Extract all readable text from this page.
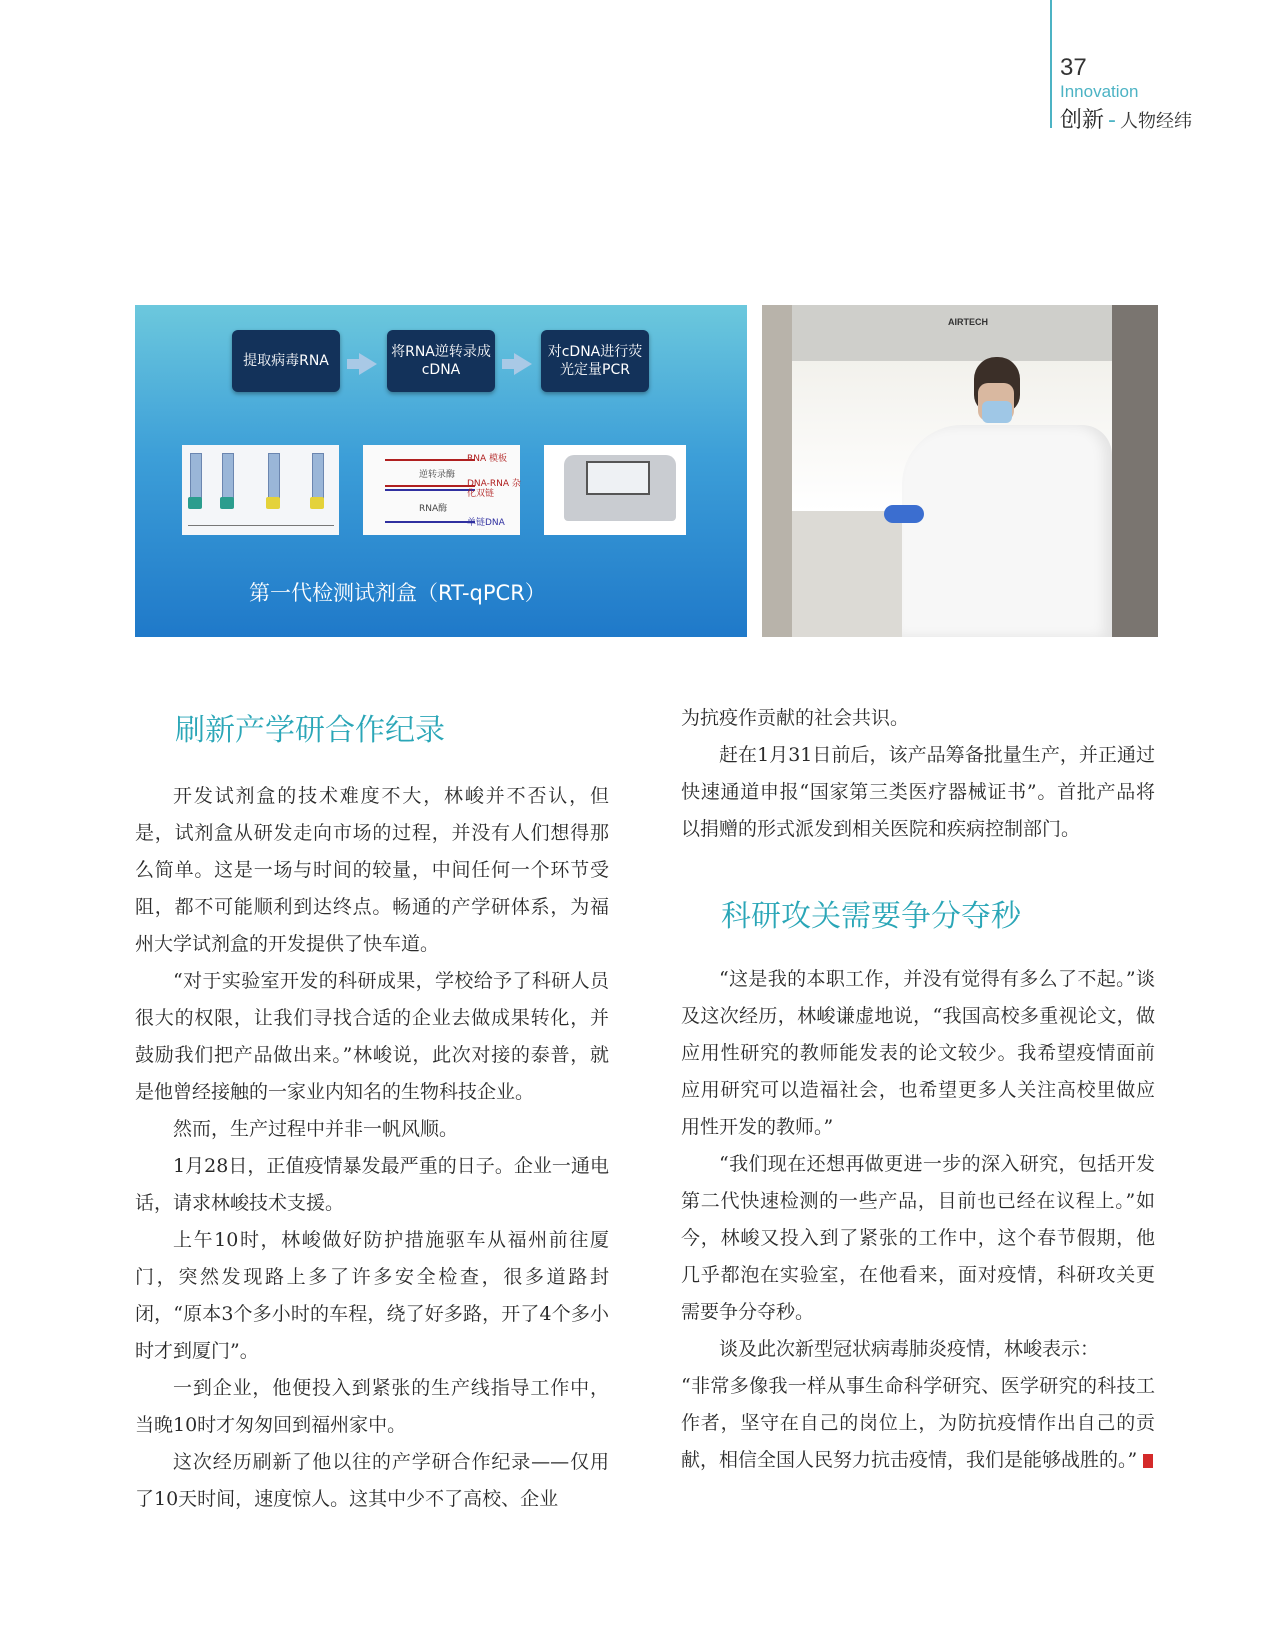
37
Innovation
创新 - 人物经纬
提取病毒RNA
将RNA逆转录成cDNA
对cDNA进行荧光定量PCR
RNA 模板
逆转录酶
DNA-RNA 杂化双链
RNA酶
单链DNA
第一代检测试剂盒（RT-qPCR）
AIRTECH
刷新产学研合作纪录

开发试剂盒的技术难度不大，林峻并不否认，但是，试剂盒从研发走向市场的过程，并没有人们想得那么简单。这是一场与时间的较量，中间任何一个环节受阻，都不可能顺利到达终点。畅通的产学研体系，为福州大学试剂盒的开发提供了快车道。

“对于实验室开发的科研成果，学校给予了科研人员很大的权限，让我们寻找合适的企业去做成果转化，并鼓励我们把产品做出来。”林峻说，此次对接的泰普，就是他曾经接触的一家业内知名的生物科技企业。

然而，生产过程中并非一帆风顺。

1月28日，正值疫情暴发最严重的日子。企业一通电话，请求林峻技术支援。

上午10时，林峻做好防护措施驱车从福州前往厦门，突然发现路上多了许多安全检查，很多道路封闭，“原本3个多小时的车程，绕了好多路，开了4个多小时才到厦门”。

一到企业，他便投入到紧张的生产线指导工作中，当晚10时才匆匆回到福州家中。

这次经历刷新了他以往的产学研合作纪录——仅用了10天时间，速度惊人。这其中少不了高校、企业

为抗疫作贡献的社会共识。

赶在1月31日前后，该产品筹备批量生产，并正通过快速通道申报“国家第三类医疗器械证书”。首批产品将以捐赠的形式派发到相关医院和疾病控制部门。

科研攻关需要争分夺秒

“这是我的本职工作，并没有觉得有多么了不起。”谈及这次经历，林峻谦虚地说，“我国高校多重视论文，做应用性研究的教师能发表的论文较少。我希望疫情面前应用研究可以造福社会，也希望更多人关注高校里做应用性开发的教师。”

“我们现在还想再做更进一步的深入研究，包括开发第二代快速检测的一些产品，目前也已经在议程上。”如今，林峻又投入到了紧张的工作中，这个春节假期，他几乎都泡在实验室，在他看来，面对疫情，科研攻关更需要争分夺秒。

谈及此次新型冠状病毒肺炎疫情，林峻表示：

“非常多像我一样从事生命科学研究、医学研究的科技工作者，坚守在自己的岗位上，为防抗疫情作出自己的贡献，相信全国人民努力抗击疫情，我们是能够战胜的。”
